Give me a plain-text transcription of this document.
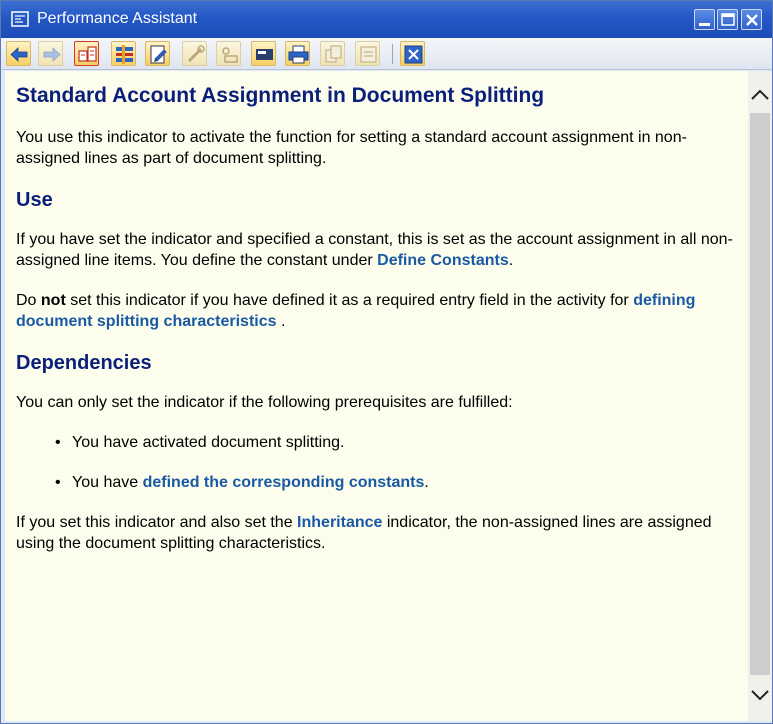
Performance Assistant
Standard Account Assignment in Document Splitting

You use this indicator to activate the function for setting a standard account assignment in non-assigned lines as part of document splitting.

Use

If you have set the indicator and specified a constant, this is set as the account assignment in all non-assigned line items. You define the constant under Define Constants.

Do not set this indicator if you have defined it as a required entry field in the activity for defining document splitting characteristics .

Dependencies

You can only set the indicator if the following prerequisites are fulfilled:

• You have activated document splitting.
• You have defined the corresponding constants.

If you set this indicator and also set the Inheritance indicator, the non-assigned lines are assigned using the document splitting characteristics.
